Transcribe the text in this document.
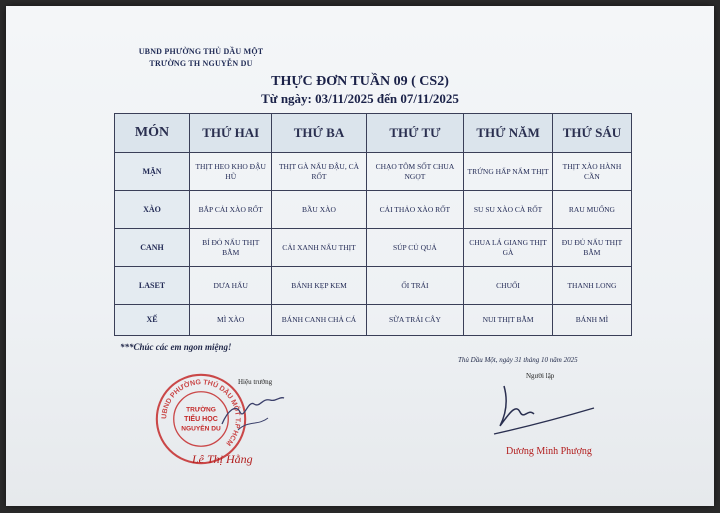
UBND PHƯỜNG THỦ DẦU MỘT
TRƯỜNG TH NGUYỄN DU
THỰC ĐƠN TUẦN 09 ( CS2)
Từ ngày: 03/11/2025 đến 07/11/2025
MÓN	THỨ HAI	THỨ BA	THỨ TƯ	THỨ NĂM	THỨ SÁU
MẶN	THỊT HEO KHO ĐẬU HŨ	THỊT GÀ NẤU ĐẬU, CÀ RỐT	CHẠO TÔM SỐT CHUA NGỌT	TRỨNG HẤP NẤM THỊT	THỊT XÀO HÀNH CẦN
XÀO	BẮP CẢI XÀO RỐT	BẦU XÀO	CẢI THẢO XÀO RỐT	SU SU XÀO CÀ RỐT	RAU MUỐNG
CANH	BÍ ĐỎ NẤU THỊT BẰM	CẢI XANH NẤU THỊT	SÚP CỦ QUẢ	CHUA LÁ GIANG THỊT GÀ	ĐU ĐỦ NẤU THỊT BẰM
LASET	DƯA HẤU	BÁNH KẸP KEM	ỔI TRÁI	CHUỐI	THANH LONG
XẾ	MÌ XÀO	BÁNH CANH CHẢ CÁ	SỮA TRÁI CÂY	NUI THỊT BẰM	BÁNH MÌ
***Chúc các em ngon miệng!
Thủ Dầu Một, ngày 31 tháng 10 năm 2025
Hiệu trưởng
Người lập
UBND PHƯỜNG THỦ DẦU MỘT T.P HCM
TRƯỜNG
TIỂU HỌC
NGUYỄN DU
Lê Thị Hằng
Dương Minh Phượng
